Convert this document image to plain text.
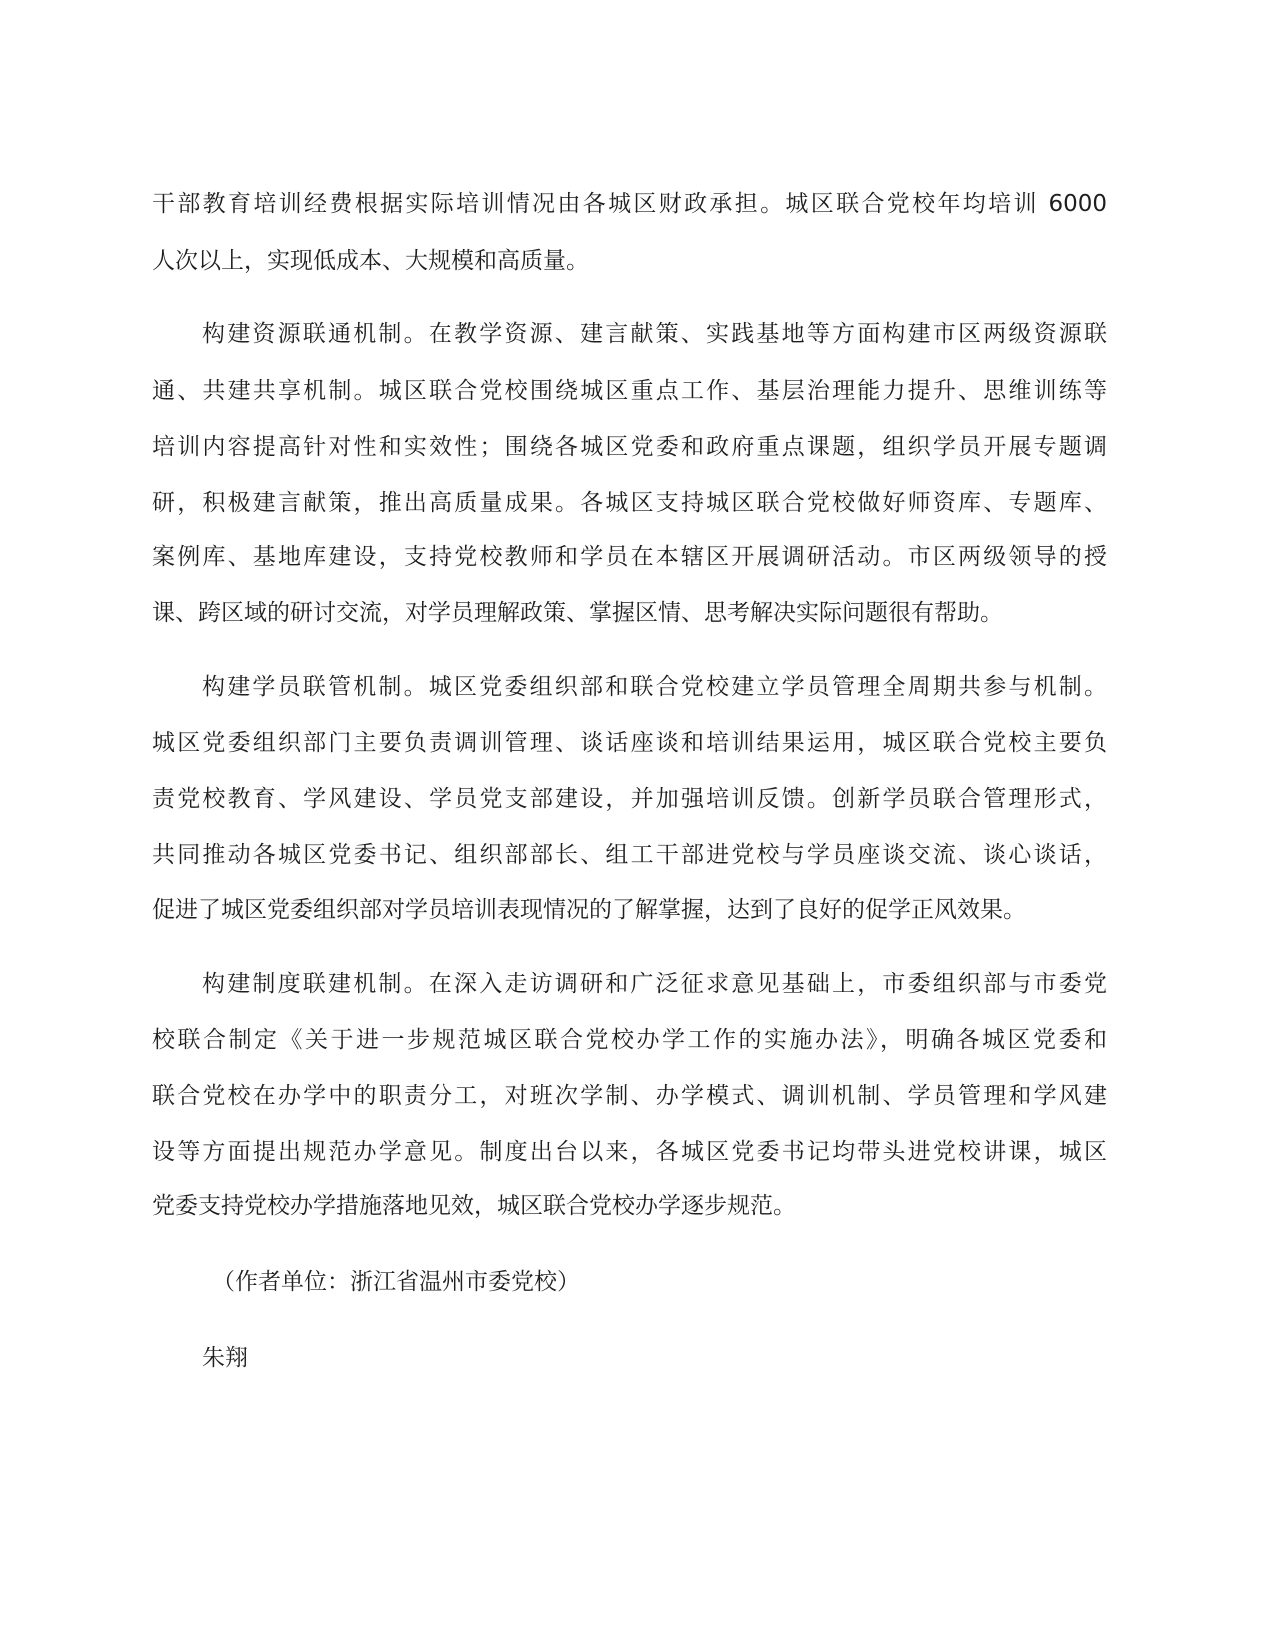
干部教育培训经费根据实际培训情况由各城区财政承担。城区联合党校年均培训 6000
人次以上，实现低成本、大规模和高质量。
构建资源联通机制。在教学资源、建言献策、实践基地等方面构建市区两级资源联
通、共建共享机制。城区联合党校围绕城区重点工作、基层治理能力提升、思维训练等
培训内容提高针对性和实效性；围绕各城区党委和政府重点课题，组织学员开展专题调
研，积极建言献策，推出高质量成果。各城区支持城区联合党校做好师资库、专题库、
案例库、基地库建设，支持党校教师和学员在本辖区开展调研活动。市区两级领导的授
课、跨区域的研讨交流，对学员理解政策、掌握区情、思考解决实际问题很有帮助。
构建学员联管机制。城区党委组织部和联合党校建立学员管理全周期共参与机制。
城区党委组织部门主要负责调训管理、谈话座谈和培训结果运用，城区联合党校主要负
责党校教育、学风建设、学员党支部建设，并加强培训反馈。创新学员联合管理形式，
共同推动各城区党委书记、组织部部长、组工干部进党校与学员座谈交流、谈心谈话，
促进了城区党委组织部对学员培训表现情况的了解掌握，达到了良好的促学正风效果。
构建制度联建机制。在深入走访调研和广泛征求意见基础上，市委组织部与市委党
校联合制定《关于进一步规范城区联合党校办学工作的实施办法》，明确各城区党委和
联合党校在办学中的职责分工，对班次学制、办学模式、调训机制、学员管理和学风建
设等方面提出规范办学意见。制度出台以来，各城区党委书记均带头进党校讲课，城区
党委支持党校办学措施落地见效，城区联合党校办学逐步规范。
（作者单位：浙江省温州市委党校）
朱翔
